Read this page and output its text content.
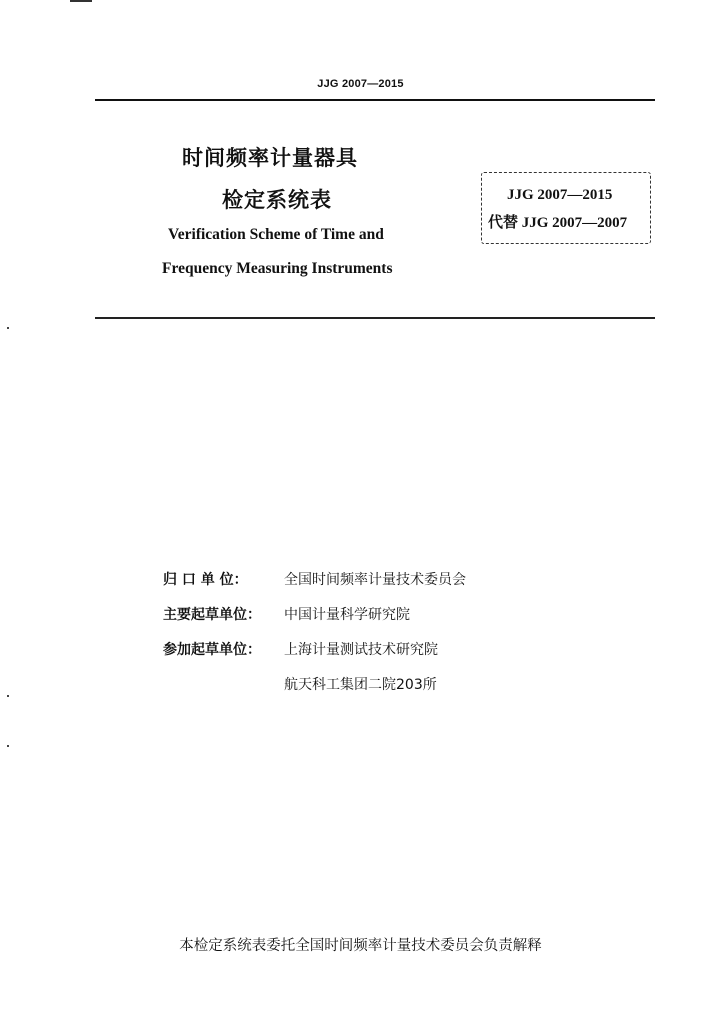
JJG 2007—2015
时间频率计量器具
检定系统表
Verification Scheme of Time and
Frequency Measuring Instruments
JJG 2007—2015
代替 JJG 2007—2007
归 口 单 位：	全国时间频率计量技术委员会
主要起草单位：	中国计量科学研究院
参加起草单位：	上海计量测试技术研究院
航天科工集团二院203所
本检定系统表委托全国时间频率计量技术委员会负责解释
